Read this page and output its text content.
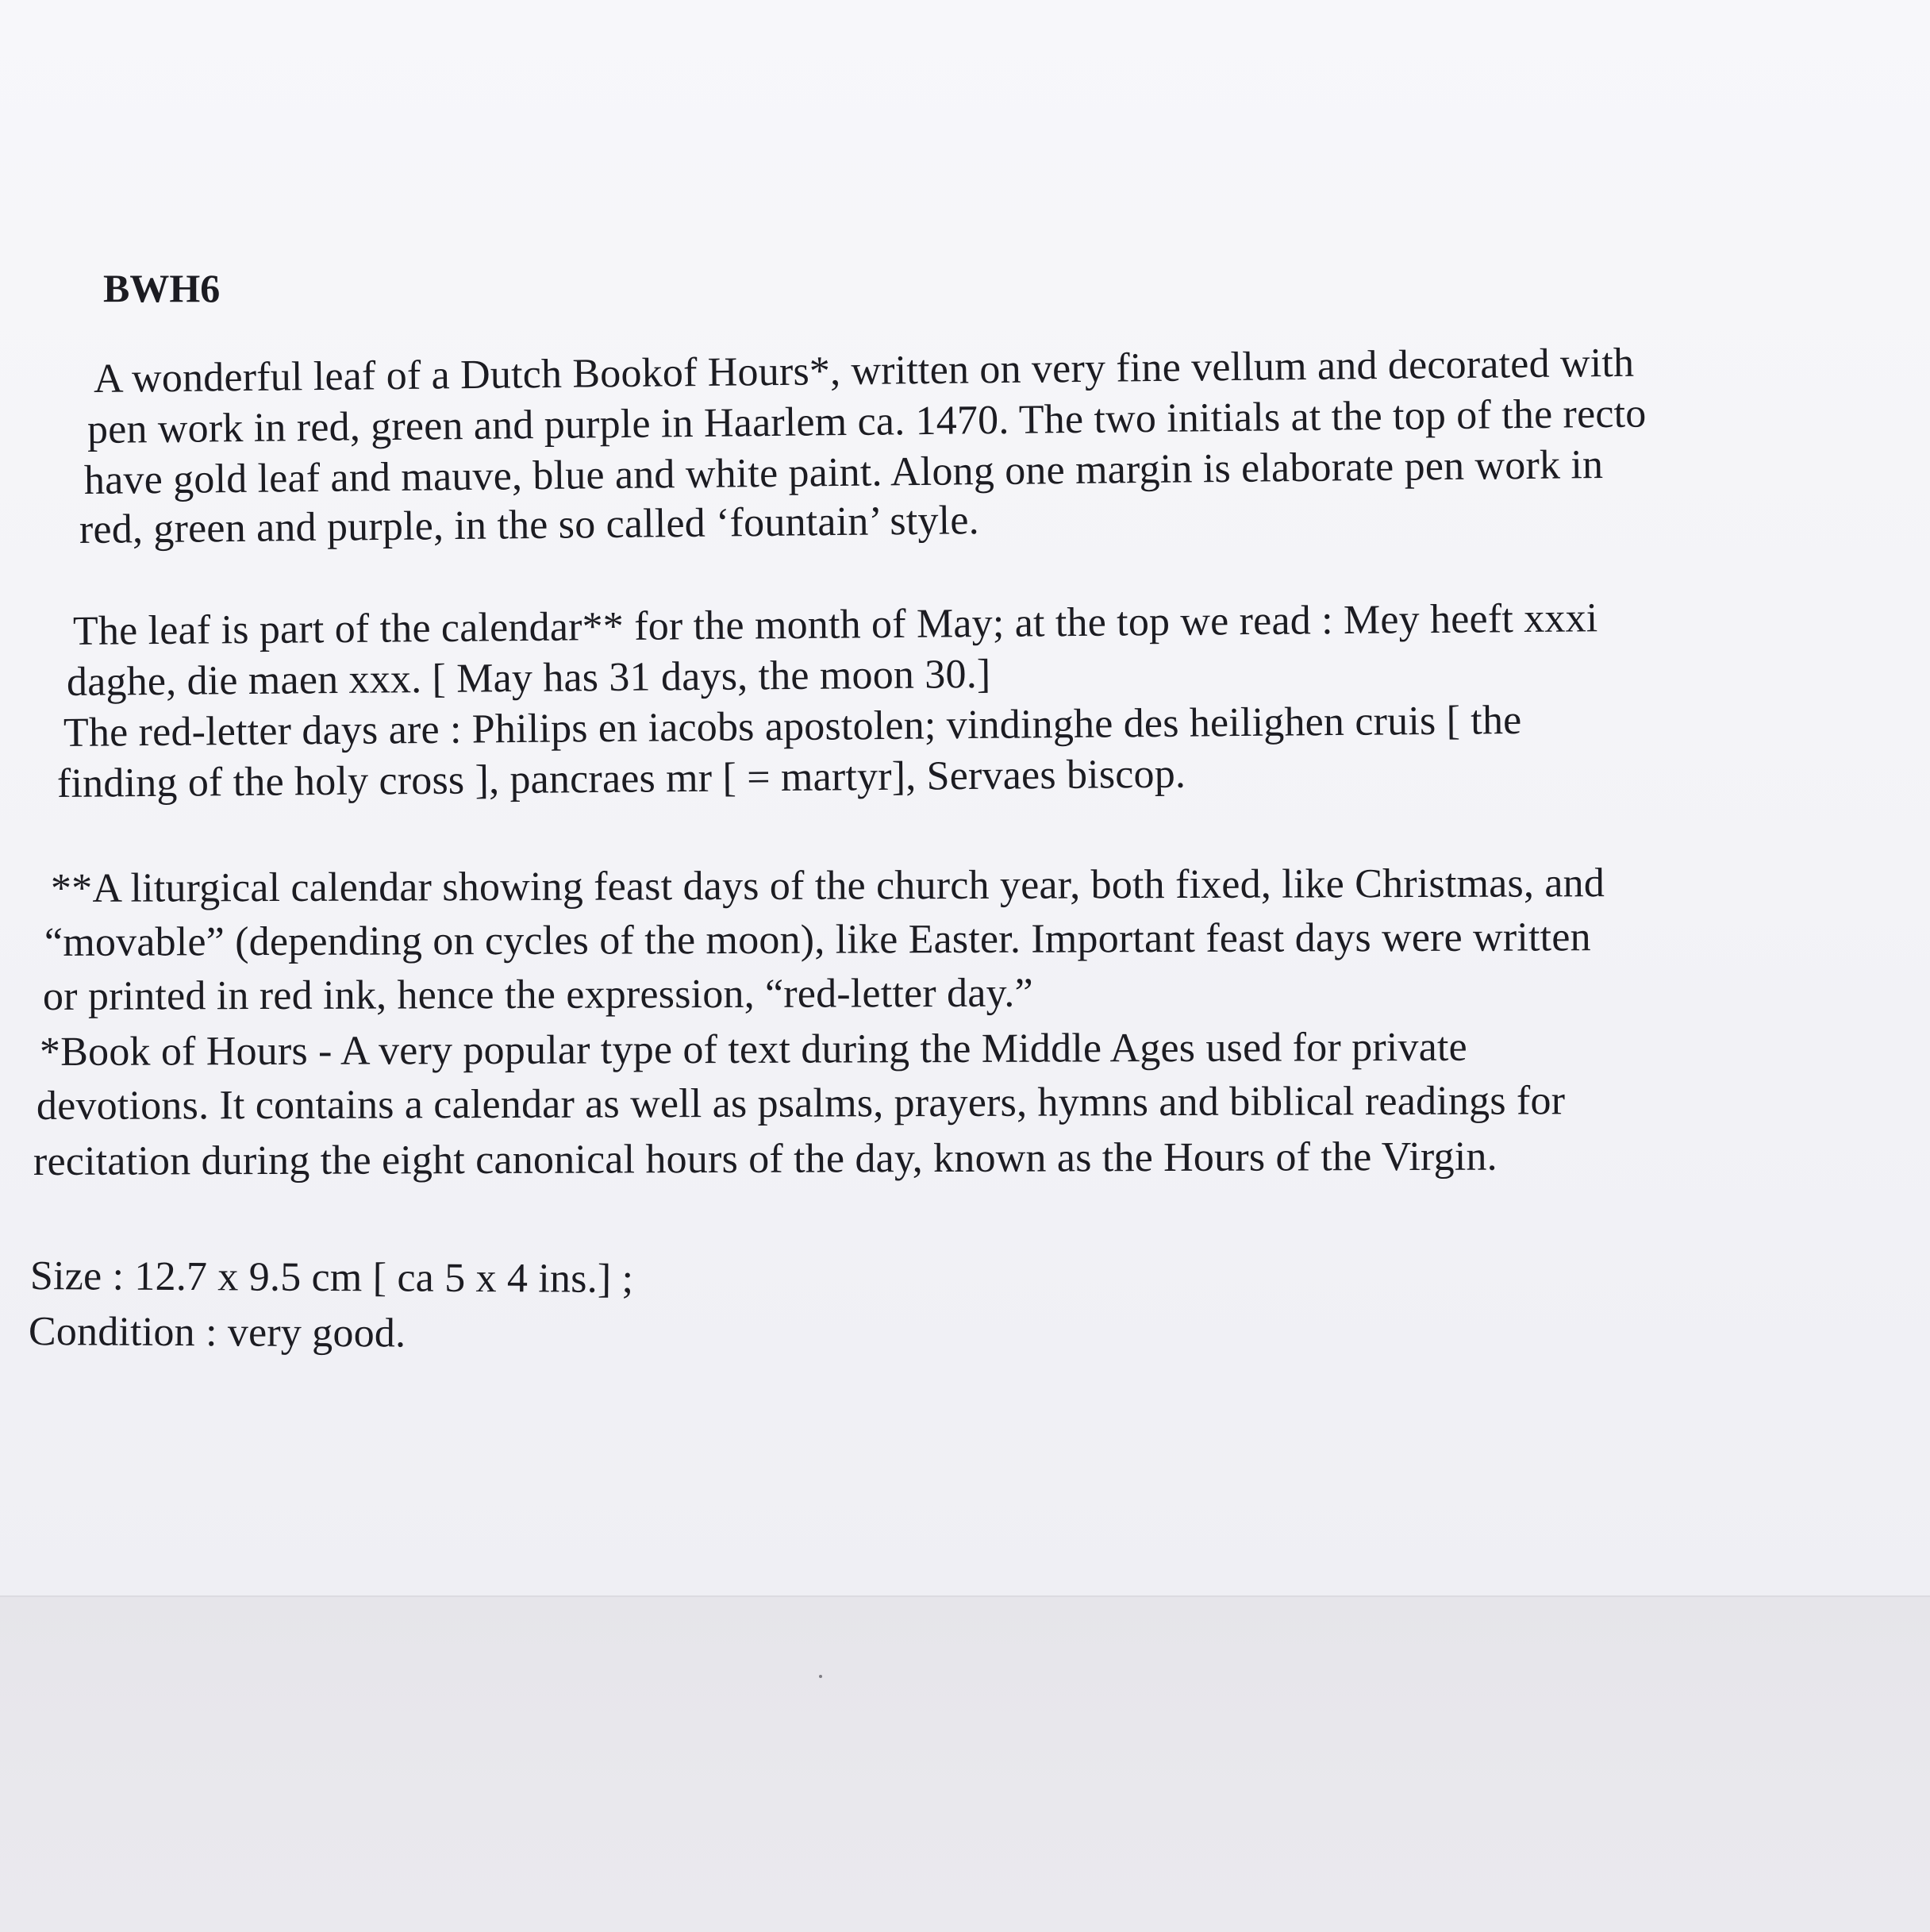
BWH6
A wonderful leaf of a Dutch Bookof Hours*, written on very fine vellum and decorated with
pen work in red, green and purple in Haarlem ca. 1470. The two initials at the top of the recto
have gold leaf and mauve, blue and white paint. Along one margin is elaborate pen work in
red, green and purple, in the so called ‘fountain’ style.
The leaf is part of the calendar** for the month of May; at the top we read : Mey heeft xxxi
daghe, die maen xxx. [ May has 31 days, the moon 30.]
The red-letter days are : Philips en iacobs apostolen; vindinghe des heilighen cruis [ the
finding of the holy cross ], pancraes mr [ = martyr], Servaes biscop.
**A liturgical calendar showing feast days of the church year, both fixed, like Christmas, and
“movable” (depending on cycles of the moon), like Easter. Important feast days were written
or printed in red ink, hence the expression, “red-letter day.”
*Book of Hours - A very popular type of text during the Middle Ages used for private
devotions. It contains a calendar as well as psalms, prayers, hymns and biblical readings for
recitation during the eight canonical hours of the day, known as the Hours of the Virgin.
Size : 12.7 x 9.5 cm [ ca 5 x 4 ins.] ;
Condition : very good.
